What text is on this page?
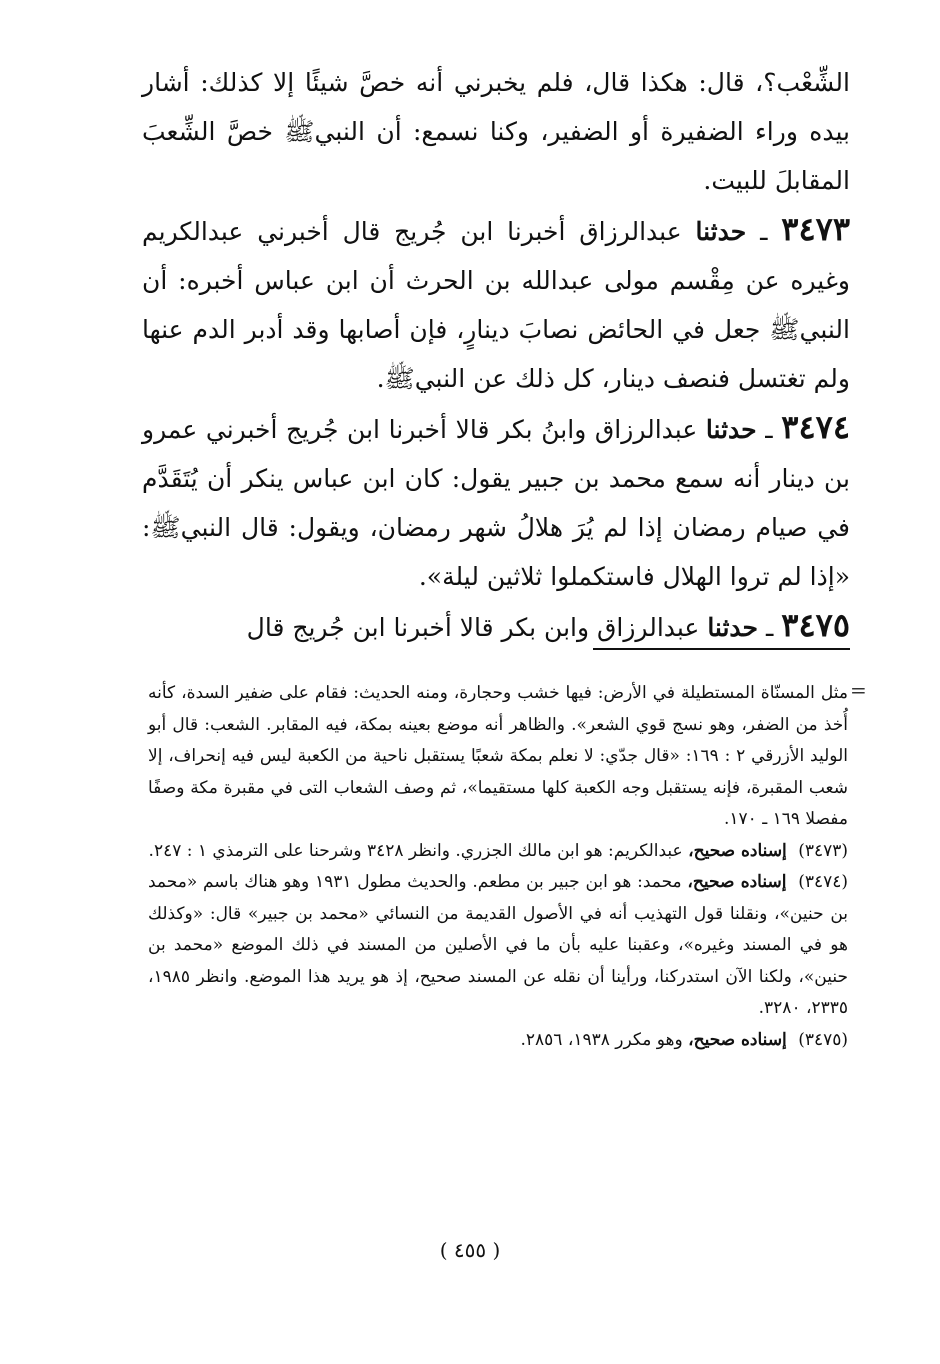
الشِّعْب؟، قال: هكذا قال، فلم يخبرني أنه خصَّ شيئًا إلا كذلك: أشار بيده وراء الضفيرة أو الضفير، وكنا نسمع: أن النبيﷺ خصَّ الشِّعبَ المقابلَ للبيت.

٣٤٧٣ ـ حدثنا عبدالرزاق أخبرنا ابن جُريج قال أخبرني عبدالكريم وغيره عن مِقْسم مولى عبدالله بن الحرث أن ابن عباس أخبره: أن النبيﷺ جعل في الحائض نصابَ دينارٍ، فإن أصابها وقد أدبر الدم عنها ولم تغتسل فنصف دينار، كل ذلك عن النبيﷺ.

٣٤٧٤ ـ حدثنا عبدالرزاق وابنُ بكر قالا أخبرنا ابن جُريج أخبرني عمرو بن دينار أنه سمع محمد بن جبير يقول: كان ابن عباس ينكر أن يُتَقَدَّم في صيام رمضان إذا لم يُرَ هلالُ شهر رمضان، ويقول: قال النبيﷺ: «إذا لم تروا الهلال فاستكملوا ثلاثين ليلة».

٣٤٧٥ ـ حدثنا عبدالرزاق وابن بكر قالا أخبرنا ابن جُريج قال

=

مثل المسنّاة المستطيلة في الأرض: فيها خشب وحجارة، ومنه الحديث: فقام على ضفير السدة، كأنه أُخذ من الضفر، وهو نسج قوي الشعر». والظاهر أنه موضع بعينه بمكة، فيه المقابر. الشعب: قال أبو الوليد الأزرقي ٢ : ١٦٩: «قال جدّي: لا نعلم بمكة شعبًا يستقبل ناحية من الكعبة ليس فيه إنحراف، إلا شعب المقبرة، فإنه يستقبل وجه الكعبة كلها مستقيما»، ثم وصف الشعاب التى في مقبرة مكة وصفًا مفصلا ١٦٩ ـ ١٧٠.

(٣٤٧٣) إسناده صحيح، عبدالكريم: هو ابن مالك الجزري. وانظر ٣٤٢٨ وشرحنا على الترمذي ١ : ٢٤٧.

(٣٤٧٤) إسناده صحيح، محمد: هو ابن جبير بن مطعم. والحديث مطول ١٩٣١ وهو هناك باسم «محمد بن حنين»، ونقلنا قول التهذيب أنه في الأصول القديمة من النسائي «محمد بن جبير» قال: «وكذلك هو في المسند وغيره»، وعقبنا عليه بأن ما في الأصلين من المسند في ذلك الموضع «محمد بن حنين»، ولكنا الآن استدركنا، ورأينا أن نقله عن المسند صحيح، إذ هو يريد هذا الموضع. وانظر ١٩٨٥، ٢٣٣٥، ٣٢٨٠.

(٣٤٧٥) إسناده صحيح، وهو مكرر ١٩٣٨، ٢٨٥٦.

( ٤٥٥ )
